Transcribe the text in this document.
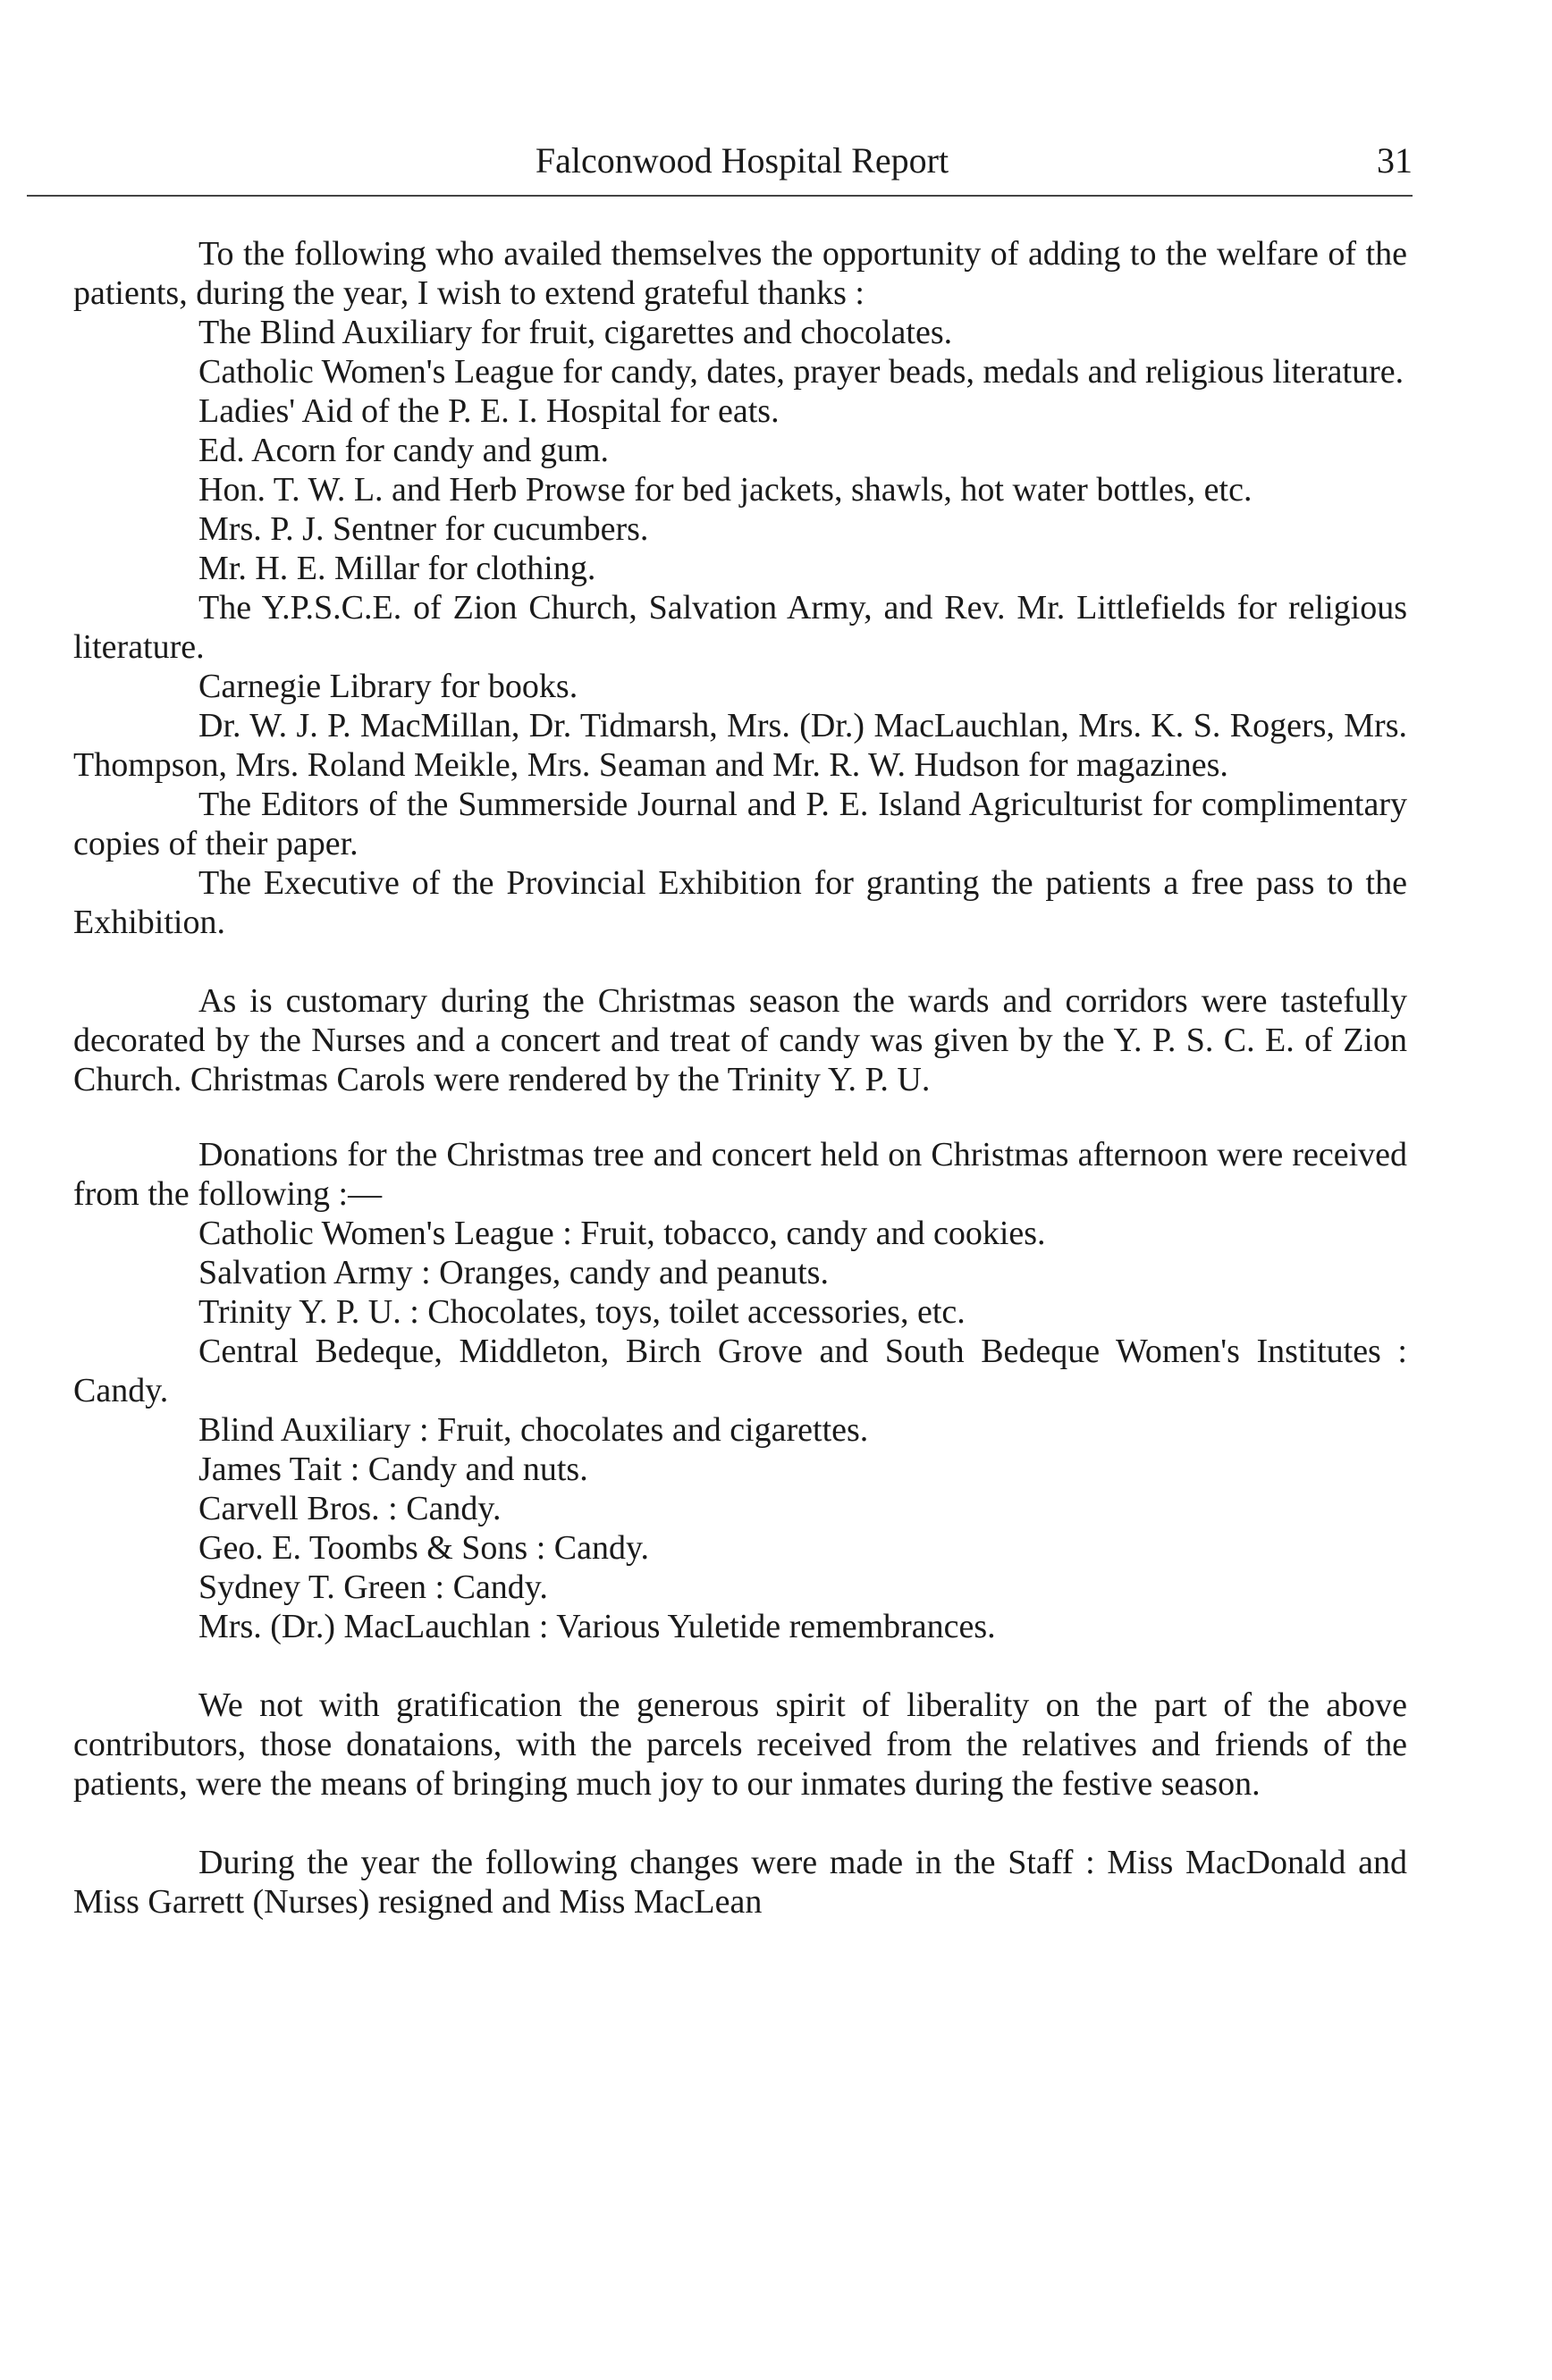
Falconwood Hospital Report	31

To the following who availed themselves the opportunity of adding to the welfare of the patients, during the year, I wish to extend grateful thanks :

The Blind Auxiliary for fruit, cigarettes and chocolates.
Catholic Women's League for candy, dates, prayer beads, medals and religious literature.
Ladies' Aid of the P. E. I. Hospital for eats.
Ed. Acorn for candy and gum.
Hon. T. W. L. and Herb Prowse for bed jackets, shawls, hot water bottles, etc.
Mrs. P. J. Sentner for cucumbers.
Mr. H. E. Millar for clothing.
The Y.P.S.C.E. of Zion Church, Salvation Army, and Rev. Mr. Littlefields for religious literature.
Carnegie Library for books.
Dr. W. J. P. MacMillan, Dr. Tidmarsh, Mrs. (Dr.) MacLauchlan, Mrs. K. S. Rogers, Mrs. Thompson, Mrs. Roland Meikle, Mrs. Seaman and Mr. R. W. Hudson for magazines.
The Editors of the Summerside Journal and P. E. Island Agriculturist for complimentary copies of their paper.
The Executive of the Provincial Exhibition for granting the patients a free pass to the Exhibition.

As is customary during the Christmas season the wards and corridors were tastefully decorated by the Nurses and a concert and treat of candy was given by the Y. P. S. C. E. of Zion Church. Christmas Carols were rendered by the Trinity Y. P. U.

Donations for the Christmas tree and concert held on Christmas afternoon were received from the following :—

Catholic Women's League : Fruit, tobacco, candy and cookies.
Salvation Army : Oranges, candy and peanuts.
Trinity Y. P. U. : Chocolates, toys, toilet accessories, etc.
Central Bedeque, Middleton, Birch Grove and South Bedeque Women's Institutes : Candy.
Blind Auxiliary : Fruit, chocolates and cigarettes.
James Tait : Candy and nuts.
Carvell Bros. : Candy.
Geo. E. Toombs & Sons : Candy.
Sydney T. Green : Candy.
Mrs. (Dr.) MacLauchlan : Various Yuletide remembrances.

We not with gratification the generous spirit of liberality on the part of the above contributors, those donataions, with the parcels received from the relatives and friends of the patients, were the means of bringing much joy to our inmates during the festive season.

During the year the following changes were made in the Staff : Miss MacDonald and Miss Garrett (Nurses) resigned and Miss MacLean
